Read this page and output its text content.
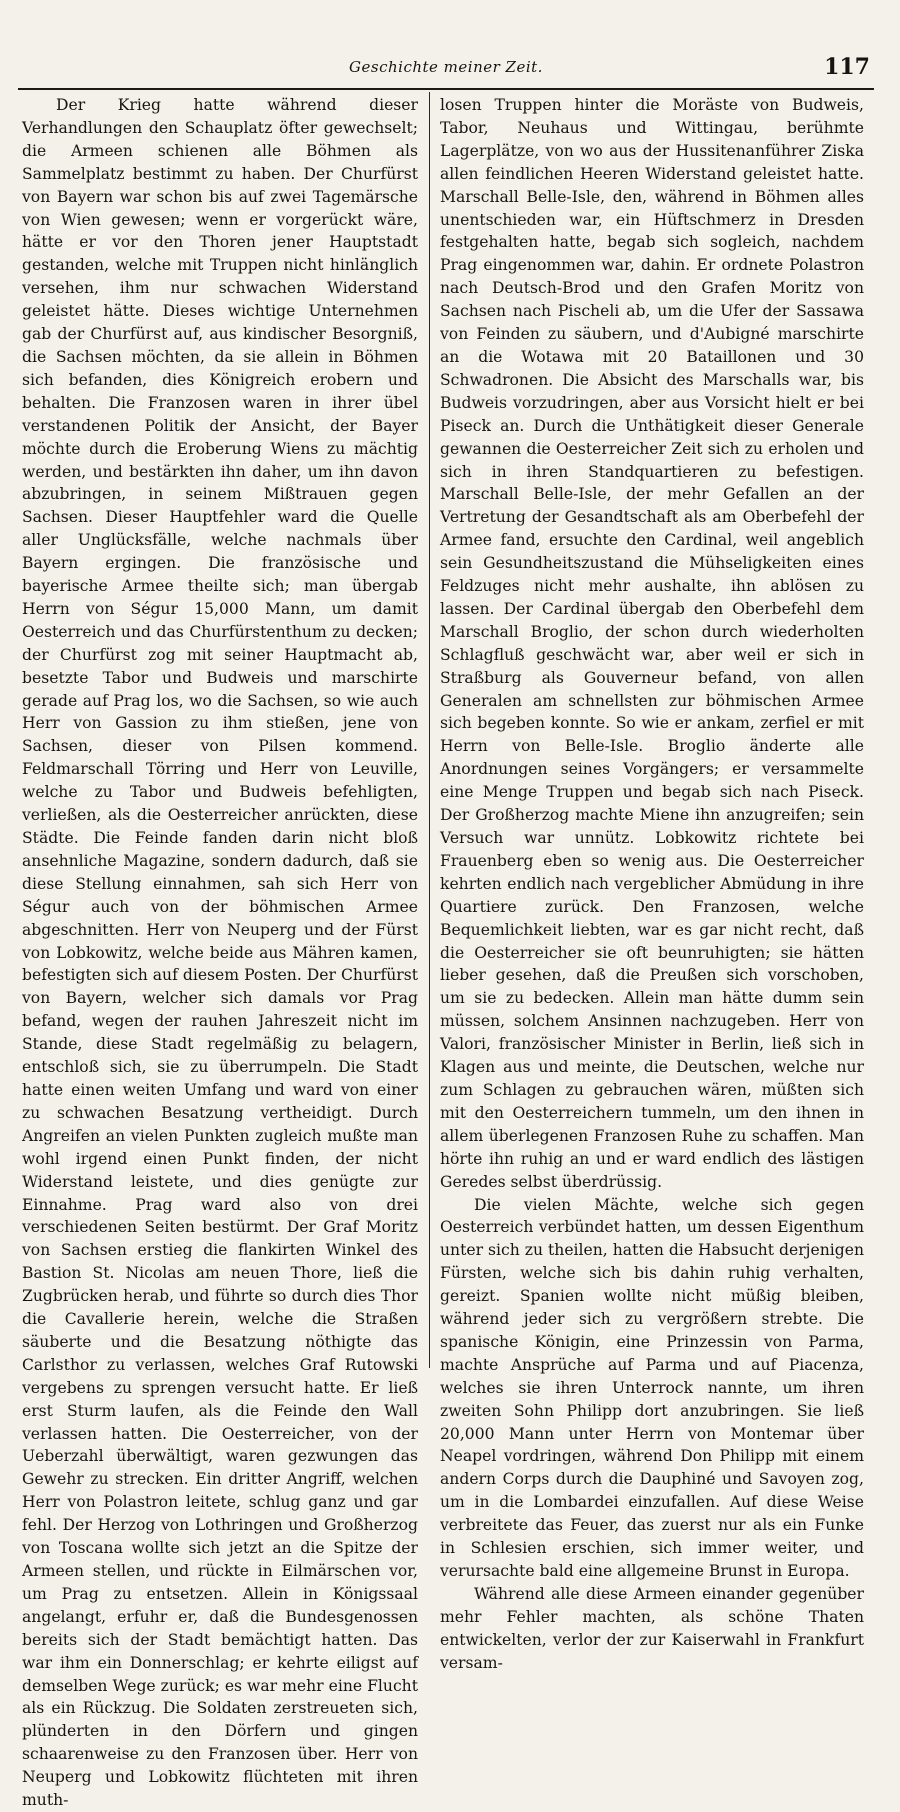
Geschichte meiner Zeit.	117

Der Krieg hatte während dieser Verhandlungen den Schauplatz öfter gewechselt; die Armeen schienen alle Böhmen als Sammelplatz bestimmt zu haben. Der Churfürst von Bayern war schon bis auf zwei Tagemärsche von Wien gewesen; wenn er vorgerückt wäre, hätte er vor den Thoren jener Hauptstadt gestanden, welche mit Truppen nicht hinlänglich versehen, ihm nur schwachen Widerstand geleistet hätte. Dieses wichtige Unternehmen gab der Churfürst auf, aus kindischer Besorgniß, die Sachsen möchten, da sie allein in Böhmen sich befanden, dies Königreich erobern und behalten. Die Franzosen waren in ihrer übel verstandenen Politik der Ansicht, der Bayer möchte durch die Eroberung Wiens zu mächtig werden, und bestärkten ihn daher, um ihn davon abzubringen, in seinem Mißtrauen gegen Sachsen. Dieser Hauptfehler ward die Quelle aller Unglücksfälle, welche nachmals über Bayern ergingen. Die französische und bayerische Armee theilte sich; man übergab Herrn von Ségur 15,000 Mann, um damit Oesterreich und das Churfürstenthum zu decken; der Churfürst zog mit seiner Hauptmacht ab, besetzte Tabor und Budweis und marschirte gerade auf Prag los, wo die Sachsen, so wie auch Herr von Gassion zu ihm stießen, jene von Sachsen, dieser von Pilsen kommend. Feldmarschall Törring und Herr von Leuville, welche zu Tabor und Budweis befehligten, verließen, als die Oesterreicher anrückten, diese Städte. Die Feinde fanden darin nicht bloß ansehnliche Magazine, sondern dadurch, daß sie diese Stellung einnahmen, sah sich Herr von Ségur auch von der böhmischen Armee abgeschnitten. Herr von Neuperg und der Fürst von Lobkowitz, welche beide aus Mähren kamen, befestigten sich auf diesem Posten. Der Churfürst von Bayern, welcher sich damals vor Prag befand, wegen der rauhen Jahreszeit nicht im Stande, diese Stadt regelmäßig zu belagern, entschloß sich, sie zu überrumpeln. Die Stadt hatte einen weiten Umfang und ward von einer zu schwachen Besatzung vertheidigt. Durch Angreifen an vielen Punkten zugleich mußte man wohl irgend einen Punkt finden, der nicht Widerstand leistete, und dies genügte zur Einnahme. Prag ward also von drei verschiedenen Seiten bestürmt. Der Graf Moritz von Sachsen erstieg die flankirten Winkel des Bastion St. Nicolas am neuen Thore, ließ die Zugbrücken herab, und führte so durch dies Thor die Cavallerie herein, welche die Straßen säuberte und die Besatzung nöthigte das Carlsthor zu verlassen, welches Graf Rutowski vergebens zu sprengen versucht hatte. Er ließ erst Sturm laufen, als die Feinde den Wall verlassen hatten. Die Oesterreicher, von der Ueberzahl überwältigt, waren gezwungen das Gewehr zu strecken. Ein dritter Angriff, welchen Herr von Polastron leitete, schlug ganz und gar fehl. Der Herzog von Lothringen und Großherzog von Toscana wollte sich jetzt an die Spitze der Armeen stellen, und rückte in Eilmärschen vor, um Prag zu entsetzen. Allein in Königssaal angelangt, erfuhr er, daß die Bundesgenossen bereits sich der Stadt bemächtigt hatten. Das war ihm ein Donnerschlag; er kehrte eiligst auf demselben Wege zurück; es war mehr eine Flucht als ein Rückzug. Die Soldaten zerstreueten sich, plünderten in den Dörfern und gingen schaarenweise zu den Franzosen über. Herr von Neuperg und Lobkowitz flüchteten mit ihren muth-

losen Truppen hinter die Moräste von Budweis, Tabor, Neuhaus und Wittingau, berühmte Lagerplätze, von wo aus der Hussitenanführer Ziska allen feindlichen Heeren Widerstand geleistet hatte. Marschall Belle-Isle, den, während in Böhmen alles unentschieden war, ein Hüftschmerz in Dresden festgehalten hatte, begab sich sogleich, nachdem Prag eingenommen war, dahin. Er ordnete Polastron nach Deutsch-Brod und den Grafen Moritz von Sachsen nach Pischeli ab, um die Ufer der Sassawa von Feinden zu säubern, und d'Aubigné marschirte an die Wotawa mit 20 Bataillonen und 30 Schwadronen. Die Absicht des Marschalls war, bis Budweis vorzudringen, aber aus Vorsicht hielt er bei Piseck an. Durch die Unthätigkeit dieser Generale gewannen die Oesterreicher Zeit sich zu erholen und sich in ihren Standquartieren zu befestigen. Marschall Belle-Isle, der mehr Gefallen an der Vertretung der Gesandtschaft als am Oberbefehl der Armee fand, ersuchte den Cardinal, weil angeblich sein Gesundheitszustand die Mühseligkeiten eines Feldzuges nicht mehr aushalte, ihn ablösen zu lassen. Der Cardinal übergab den Oberbefehl dem Marschall Broglio, der schon durch wiederholten Schlagfluß geschwächt war, aber weil er sich in Straßburg als Gouverneur befand, von allen Generalen am schnellsten zur böhmischen Armee sich begeben konnte. So wie er ankam, zerfiel er mit Herrn von Belle-Isle. Broglio änderte alle Anordnungen seines Vorgängers; er versammelte eine Menge Truppen und begab sich nach Piseck. Der Großherzog machte Miene ihn anzugreifen; sein Versuch war unnütz. Lobkowitz richtete bei Frauenberg eben so wenig aus. Die Oesterreicher kehrten endlich nach vergeblicher Abmüdung in ihre Quartiere zurück. Den Franzosen, welche Bequemlichkeit liebten, war es gar nicht recht, daß die Oesterreicher sie oft beunruhigten; sie hätten lieber gesehen, daß die Preußen sich vorschoben, um sie zu bedecken. Allein man hätte dumm sein müssen, solchem Ansinnen nachzugeben. Herr von Valori, französischer Minister in Berlin, ließ sich in Klagen aus und meinte, die Deutschen, welche nur zum Schlagen zu gebrauchen wären, müßten sich mit den Oesterreichern tummeln, um den ihnen in allem überlegenen Franzosen Ruhe zu schaffen. Man hörte ihn ruhig an und er ward endlich des lästigen Geredes selbst überdrüssig.

Die vielen Mächte, welche sich gegen Oesterreich verbündet hatten, um dessen Eigenthum unter sich zu theilen, hatten die Habsucht derjenigen Fürsten, welche sich bis dahin ruhig verhalten, gereizt. Spanien wollte nicht müßig bleiben, während jeder sich zu vergrößern strebte. Die spanische Königin, eine Prinzessin von Parma, machte Ansprüche auf Parma und auf Piacenza, welches sie ihren Unterrock nannte, um ihren zweiten Sohn Philipp dort anzubringen. Sie ließ 20,000 Mann unter Herrn von Montemar über Neapel vordringen, während Don Philipp mit einem andern Corps durch die Dauphiné und Savoyen zog, um in die Lombardei einzufallen. Auf diese Weise verbreitete das Feuer, das zuerst nur als ein Funke in Schlesien erschien, sich immer weiter, und verursachte bald eine allgemeine Brunst in Europa.

Während alle diese Armeen einander gegenüber mehr Fehler machten, als schöne Thaten entwickelten, verlor der zur Kaiserwahl in Frankfurt versam-
